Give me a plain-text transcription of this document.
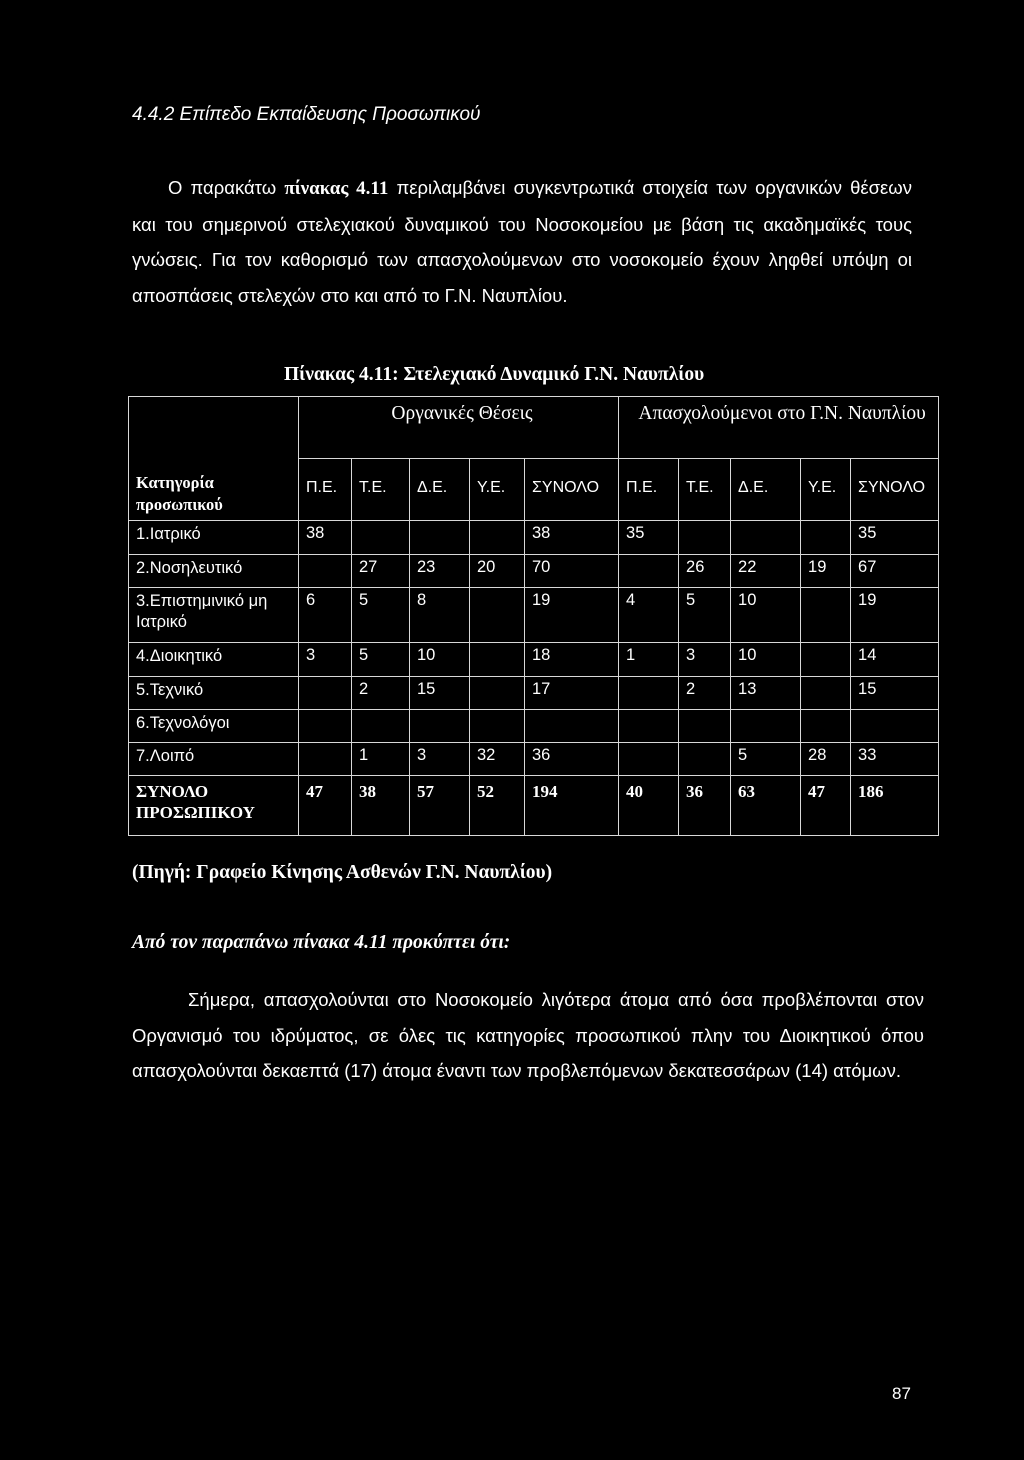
4.4.2 Επίπεδο Εκπαίδευσης Προσωπικού

Ο παρακάτω πίνακας 4.11 περιλαμβάνει συγκεντρωτικά στοιχεία των οργανικών θέσεων και του σημερινού στελεχιακού δυναμικού του Νοσοκομείου με βάση τις ακαδημαϊκές τους γνώσεις. Για τον καθορισμό των απασχολούμενων στο νοσοκομείο έχουν ληφθεί υπόψη οι αποσπάσεις στελεχών στο και από το Γ.Ν. Ναυπλίου.

Πίνακας 4.11: Στελεχιακό Δυναμικό Γ.Ν. Ναυπλίου
Κατηγορία προσωπικού	Οργανικές Θέσεις					Απασχολούμενοι στο Γ.Ν. Ναυπλίου				
	Π.Ε.	Τ.Ε.	Δ.Ε.	Υ.Ε.	ΣΥΝΟΛΟ	Π.Ε.	Τ.Ε.	Δ.Ε.	Υ.Ε.	ΣΥΝΟΛΟ
1.Ιατρικό	38				38	35				35
2.Νοσηλευτικό		27	23	20	70		26	22	19	67
3.Επιστημινικό μη Ιατρικό	6	5	8		19	4	5	10		19
4.Διοικητικό	3	5	10		18	1	3	10		14
5.Τεχνικό		2	15		17		2	13		15
6.Τεχνολόγοι										
7.Λοιπό		1	3	32	36			5	28	33
ΣΥΝΟΛΟ ΠΡΟΣΩΠΙΚΟΥ	47	38	57	52	194	40	36	63	47	186
(Πηγή: Γραφείο Κίνησης Ασθενών Γ.Ν. Ναυπλίου)
Από τον παραπάνω πίνακα 4.11 προκύπτει ότι:

Σήμερα, απασχολούνται στο Νοσοκομείο λιγότερα άτομα από όσα προβλέπονται στον Οργανισμό του ιδρύματος, σε όλες τις κατηγορίες προσωπικού πλην του Διοικητικού όπου απασχολούνται δεκαεπτά (17) άτομα έναντι των προβλεπόμενων δεκατεσσάρων (14) ατόμων.

87
